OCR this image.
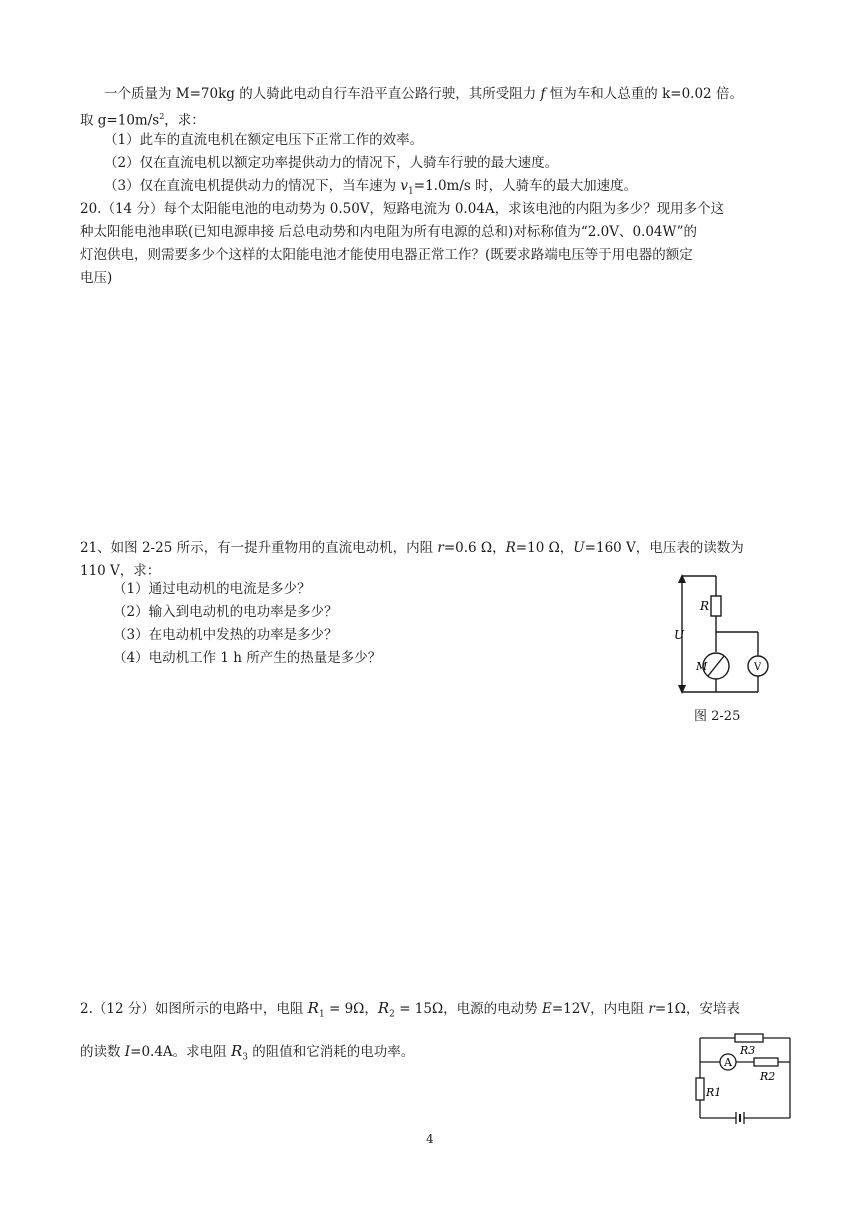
一个质量为 M=70kg 的人骑此电动自行车沿平直公路行驶，其所受阻力 f 恒为车和人总重的 k=0.02 倍。
取 $g=10m/s^2$，求：
（1）此车的直流电机在额定电压下正常工作的效率。
（2）仅在直流电机以额定功率提供动力的情况下，人骑车行驶的最大速度。
（3）仅在直流电机提供动力的情况下，当车速为 $v_1=1.0m/s$ 时，人骑车的最大加速度。
20.（14 分）每个太阳能电池的电动势为 0.50V，短路电流为 0.04A，求该电池的内阻为多少？现用多个这
种太阳能电池串联(已知电源串接 后总电动势和内电阻为所有电源的总和)对标称值为“2.0V、0.04W”的
灯泡供电，则需要多少个这样的太阳能电池才能使用电器正常工作？(既要求路端电压等于用电器的额定
电压)
21、如图 2-25 所示，有一提升重物用的直流电动机，内阻 r=0.6 Ω，R=10 Ω，U=160 V，电压表的读数为
110 V，求：
（1）通过电动机的电流是多少？
（2）输入到电动机的电功率是多少？
（3）在电动机中发热的功率是多少？
（4）电动机工作 1 h 所产生的热量是多少？
R
U
M	V
图 2-25
2.（12 分）如图所示的电路中，电阻 $R_1 = 9\Omega$，$R_2 = 15\Omega$，电源的电动势 E=12V，内电阻 r=1Ω，安培表
的读数 I=0.4A。求电阻 $R_3$ 的阻值和它消耗的电功率。
A
R3
R2
R1
4
